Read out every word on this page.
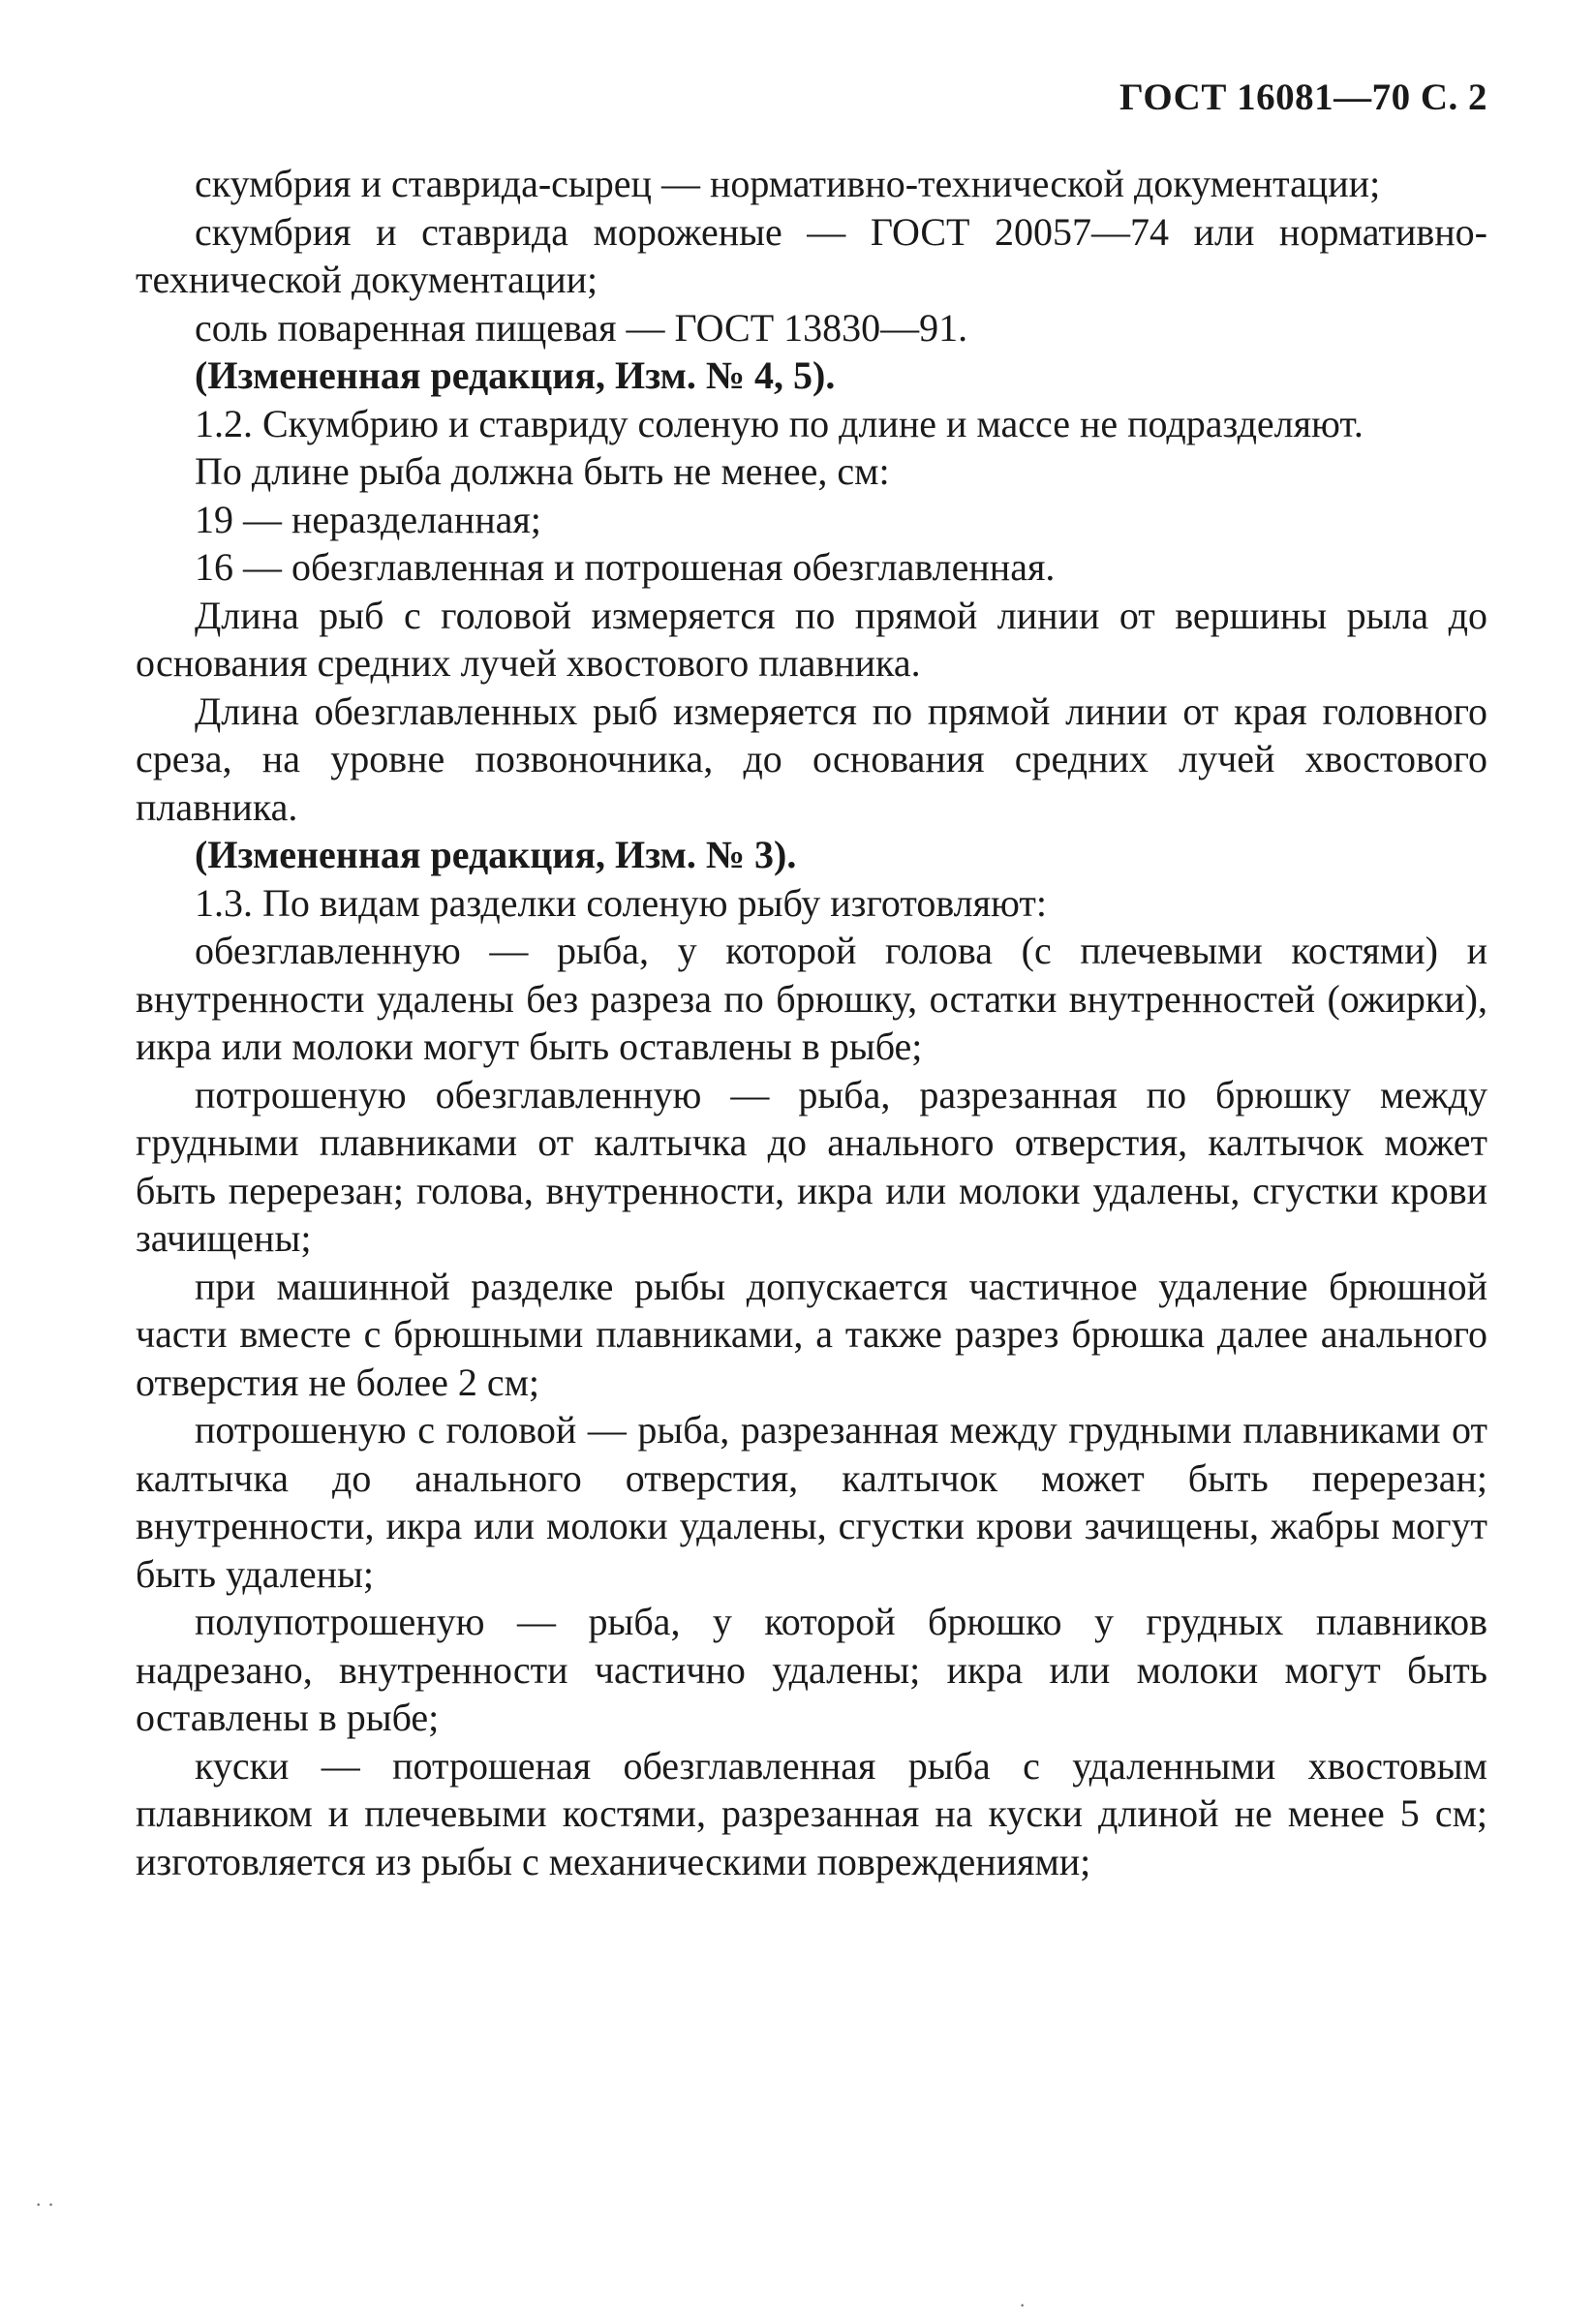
ГОСТ 16081—70 С. 2

скумбрия и ставрида-сырец — нормативно-технической документации;

скумбрия и ставрида мороженые — ГОСТ 20057—74 или нормативно-технической документации;

соль поваренная пищевая — ГОСТ 13830—91.

(Измененная редакция, Изм. № 4, 5).

1.2. Скумбрию и ставриду соленую по длине и массе не подразделяют.

По длине рыба должна быть не менее, см:

19 — неразделанная;

16 — обезглавленная и потрошеная обезглавленная.

Длина рыб с головой измеряется по прямой линии от вершины рыла до основания средних лучей хвостового плавника.

Длина обезглавленных рыб измеряется по прямой линии от края головного среза, на уровне позвоночника, до основания средних лучей хвостового плавника.

(Измененная редакция, Изм. № 3).

1.3. По видам разделки соленую рыбу изготовляют:

обезглавленную — рыба, у которой голова (с плечевыми костями) и внутренности удалены без разреза по брюшку, остатки внутренностей (ожирки), икра или молоки могут быть оставлены в рыбе;

потрошеную обезглавленную — рыба, разрезанная по брюшку между грудными плавниками от калтычка до анального отверстия, калтычок может быть перерезан; голова, внутренности, икра или молоки удалены, сгустки крови зачищены;

при машинной разделке рыбы допускается частичное удаление брюшной части вместе с брюшными плавниками, а также разрез брюшка далее анального отверстия не более 2 см;

потрошеную с головой — рыба, разрезанная между грудными плавниками от калтычка до анального отверстия, калтычок может быть перерезан; внутренности, икра или молоки удалены, сгустки крови зачищены, жабры могут быть удалены;

полупотрошеную — рыба, у которой брюшко у грудных плавников надрезано, внутренности частично удалены; икра или молоки могут быть оставлены в рыбе;

куски — потрошеная обезглавленная рыба с удаленными хвостовым плавником и плечевыми костями, разрезанная на куски длиной не менее 5 см; изготовляется из рыбы с механическими повреждениями;

· ·
·
